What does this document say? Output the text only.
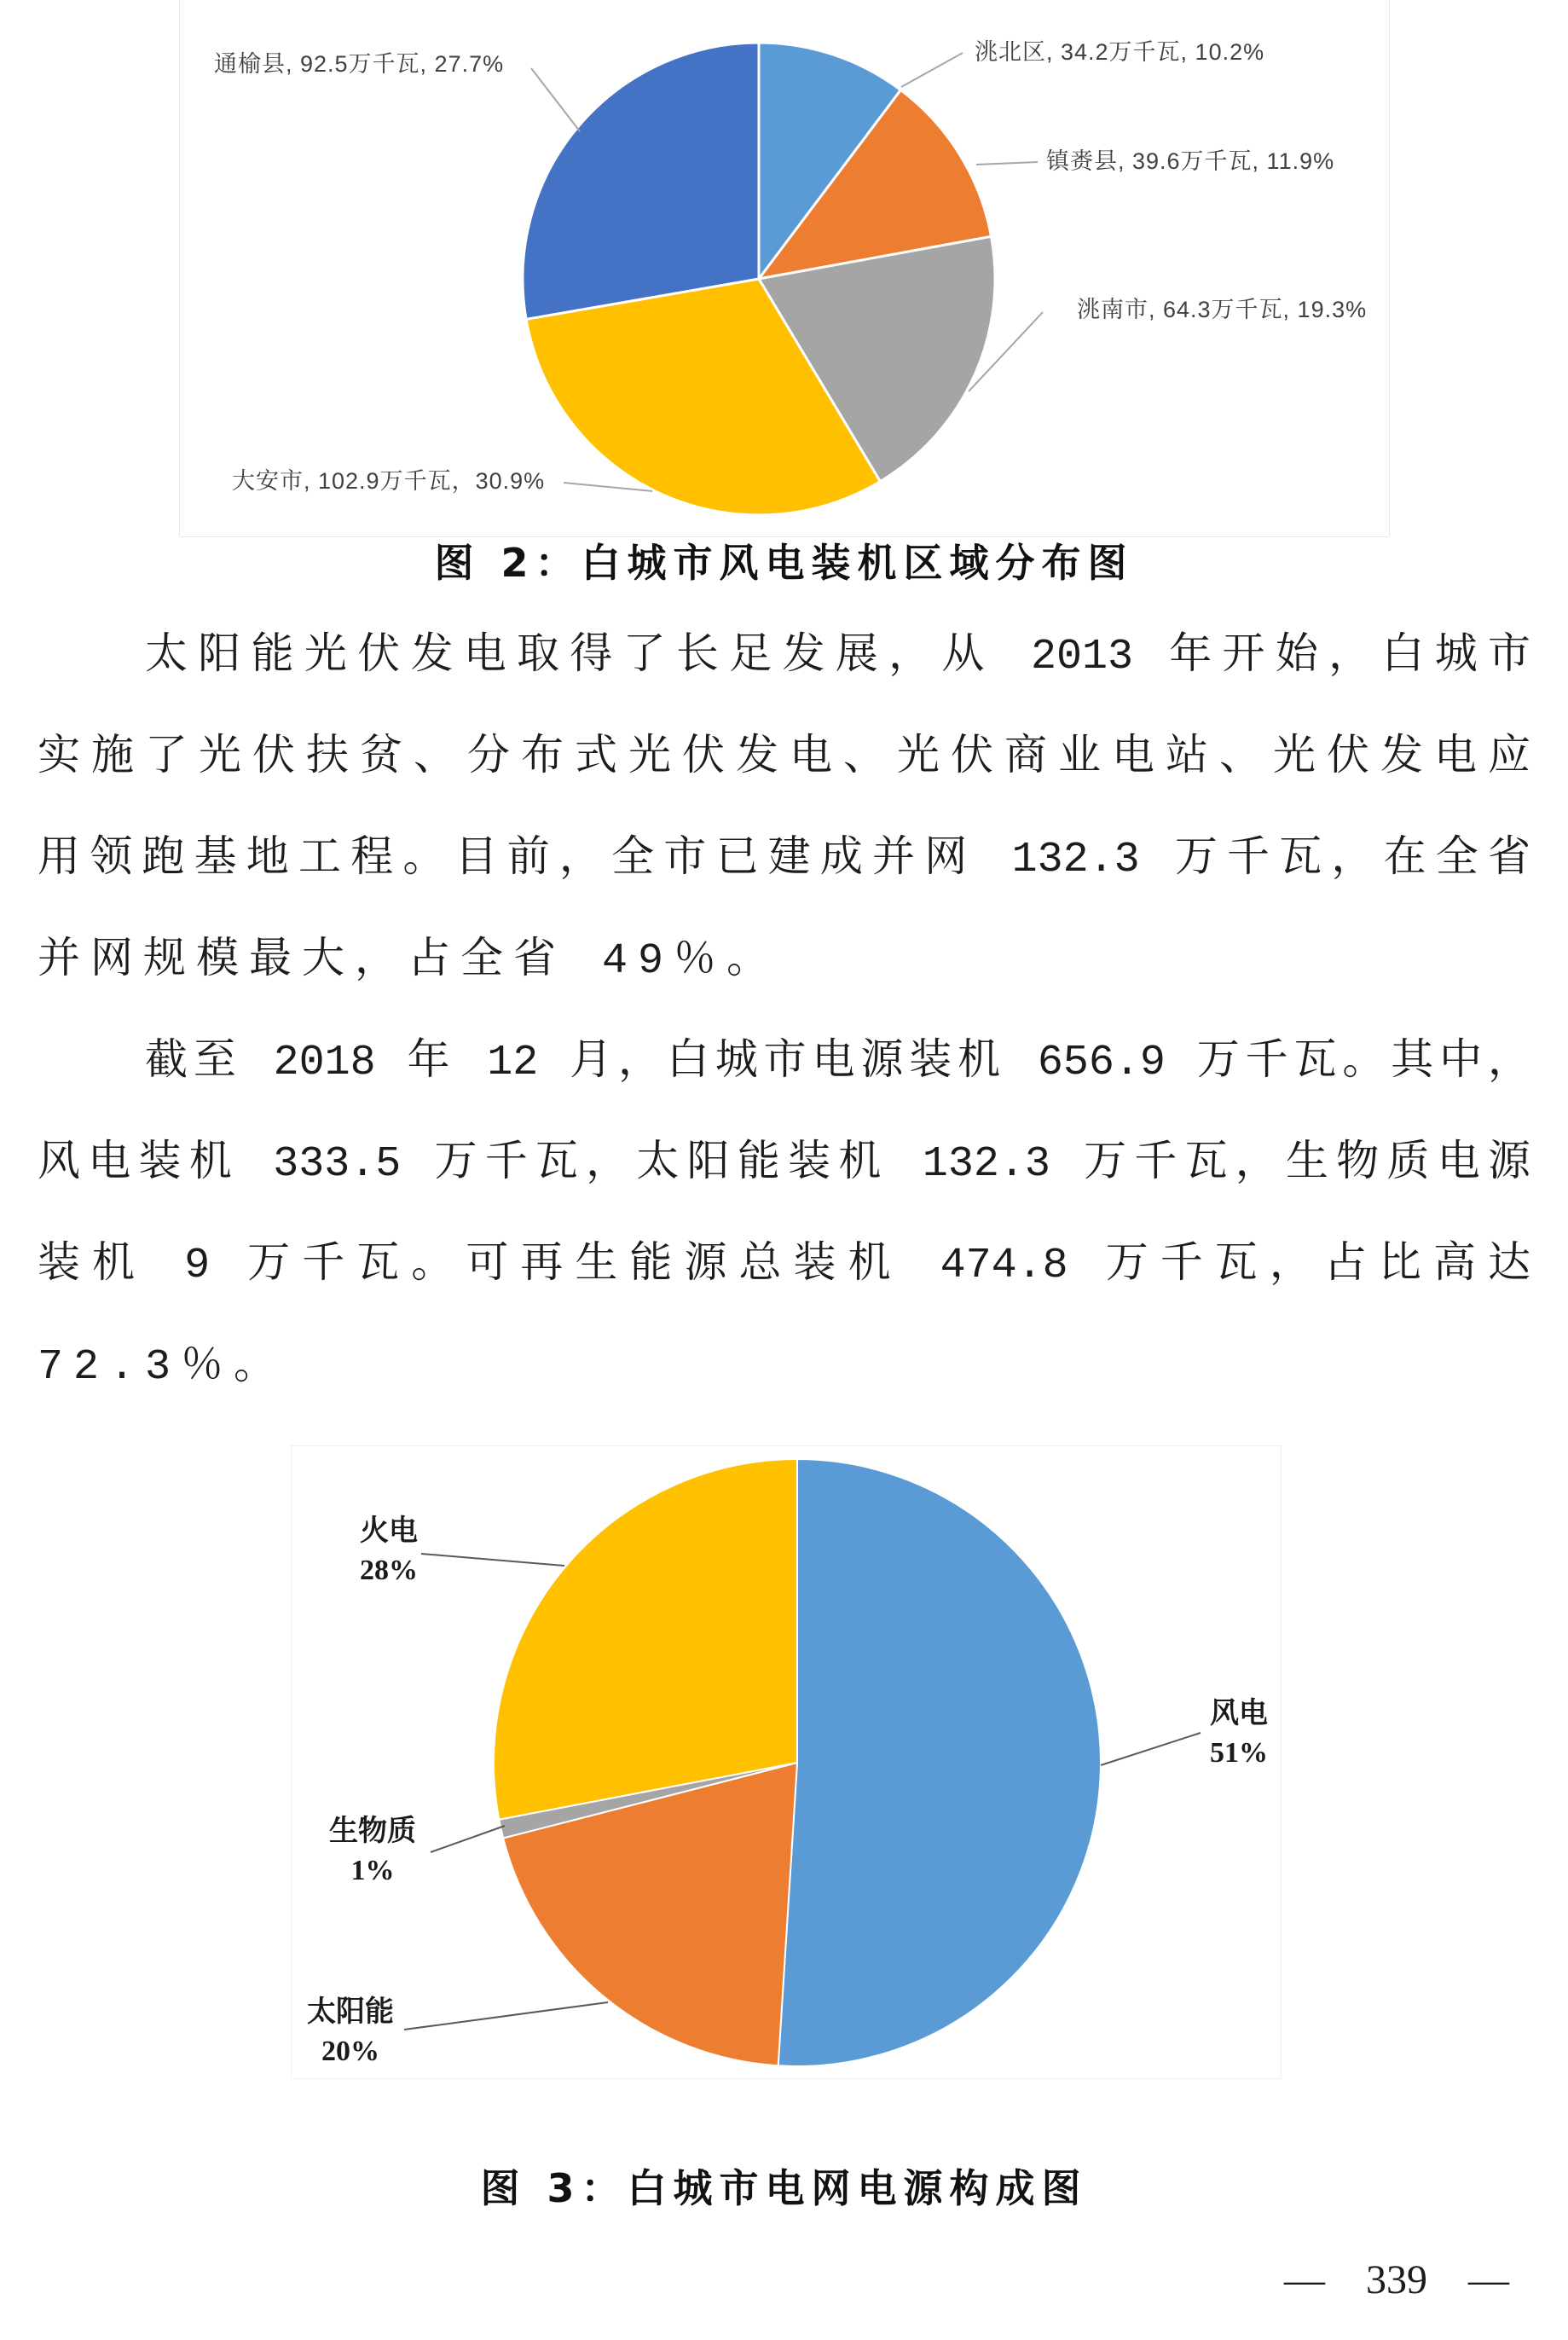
洮北区, 34.2万千瓦, 10.2%
镇赉县, 39.6万千瓦, 11.9%
洮南市, 64.3万千瓦, 19.3%
大安市, 102.9万千瓦，30.9%
通榆县, 92.5万千瓦, 27.7%
图 2：白城市风电装机区域分布图
太阳能光伏发电取得了长足发展，从 2013 年开始，白城市
实施了光伏扶贫、分布式光伏发电、光伏商业电站、光伏发电应
用领跑基地工程。目前，全市已建成并网 132.3 万千瓦，在全省
并网规模最大，占全省 49％。
截至 2018 年 12 月，白城市电源装机 656.9 万千瓦。其中，
风电装机 333.5 万千瓦，太阳能装机 132.3 万千瓦，生物质电源
装机 9 万千瓦。可再生能源总装机 474.8 万千瓦，占比高达
72.3％。
风电
51%
太阳能
20%
生物质
1%
火电
28%
图 3：白城市电网电源构成图
— 339 —
